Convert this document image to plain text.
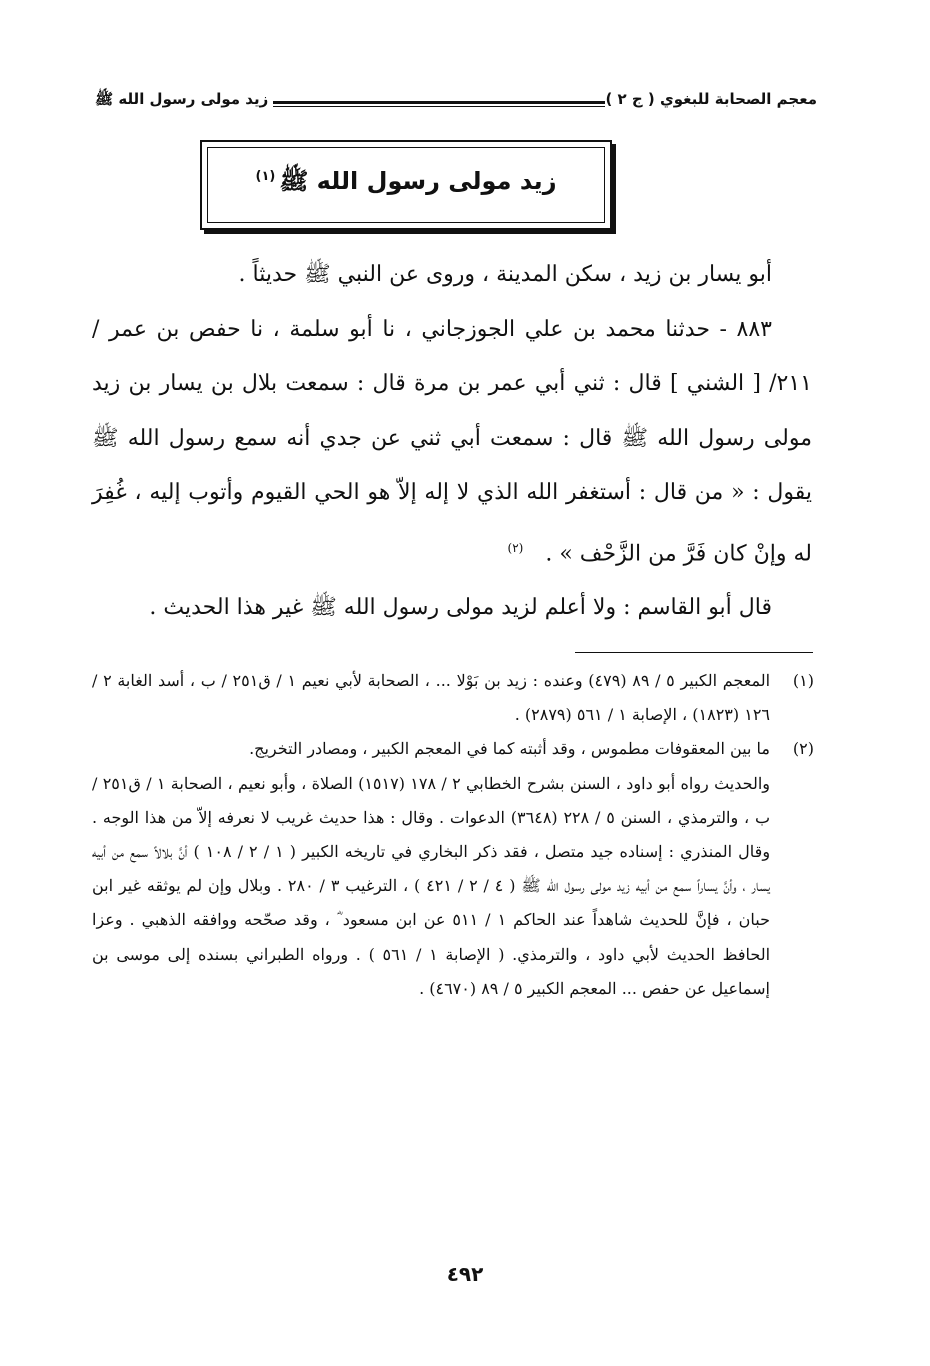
معجم الصحابة للبغوي ( ج ٢ )
زيد مولى رسول الله ﷺ
زيد مولى رسول الله ﷺ$^{(١)}$

أبو يسار بن زيد ، سكن المدينة ، وروى عن النبي ﷺ حديثاً .

٨٨٣ - حدثنا محمد بن علي الجوزجاني ، نا أبو سلمة ، نا حفص بن عمر /٢١١/ [ الشني ] قال : ثني أبي عمر بن مرة قال : سمعت بلال بن يسار بن زيد مولى رسول الله ﷺ قال : سمعت أبي ثني عن جدي أنه سمع رسول الله ﷺ يقول : « من قال : أستغفر الله الذي لا إله إلاّ هو الحي القيوم وأتوب إليه ، غُفِرَ له وإنْ كان فَرَّ من الزَّحْف » .$^{(٢)}$

قال أبو القاسم : ولا أعلم لزيد مولى رسول الله ﷺ غير هذا الحديث .

(١)

المعجم الكبير ٥ / ٨٩ (٤٧٩) وعنده : زيد بن بَوْلا ... ، الصحابة لأبي نعيم ١ / ق٢٥١ / ب ، أسد الغابة ٢ / ١٢٦ (١٨٢٣) ، الإصابة ١ / ٥٦١ (٢٨٧٩) .

(٢)

ما بين المعقوفات مطموس ، وقد أثبته كما في المعجم الكبير ، ومصادر التخريج.

والحديث رواه أبو داود ، السنن بشرح الخطابي ٢ / ١٧٨ (١٥١٧) الصلاة ، وأبو نعيم ، الصحابة ١ / ق٢٥١ / ب ، والترمذي ، السنن ٥ / ٢٢٨ (٣٦٤٨) الدعوات . وقال : هذا حديث غريب لا نعرفه إلاّ من هذا الوجه . وقال المنذري : إسناده جيد متصل ، فقد ذكر البخاري في تاريخه الكبير ( ١ / ٢ / ١٠٨ ) أنَّ بلالاً سمع من أبيه يسار ، وأنَّ يساراً سمع من أبيه زيد مولى رسول الله ﷺ ( ٤ / ٢ / ٤٢١ ) ، الترغيب ٣ / ٢٨٠ . وبلال وإن لم يوثقه غير ابن حبان ، فإنَّ للحديث شاهداً عند الحاكم ١ / ٥١١ عن ابن مسعود ؓ ، وقد صحّحه ووافقه الذهبي . وعزا الحافظ الحديث لأبي داود ، والترمذي. ( الإصابة ١ / ٥٦١ ) . ورواه الطبراني بسنده إلى موسى بن إسماعيل عن حفص ... المعجم الكبير ٥ / ٨٩ (٤٦٧٠) .

٤٩٢
